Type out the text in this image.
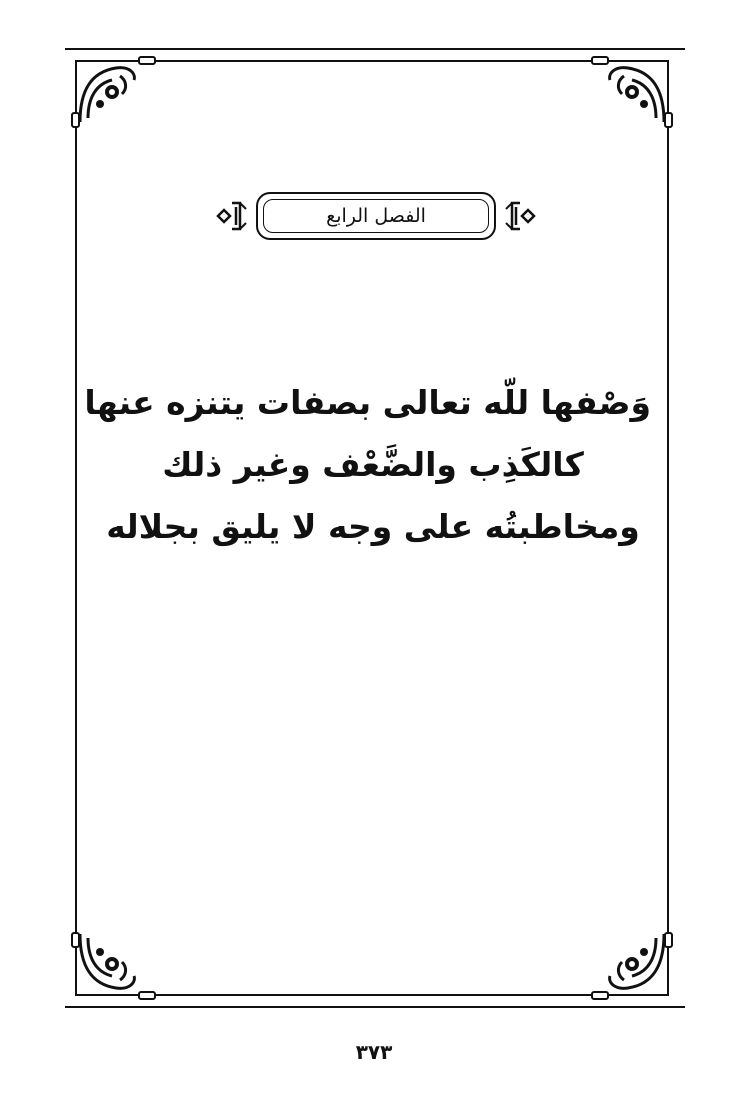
الفصل الرابع
وَصْفها للّه تعالى بصفات يتنزه عنها
كالكَذِب والضَّعْف وغير ذلك
ومخاطبتُه على وجه لا يليق بجلاله
٣٧٣
